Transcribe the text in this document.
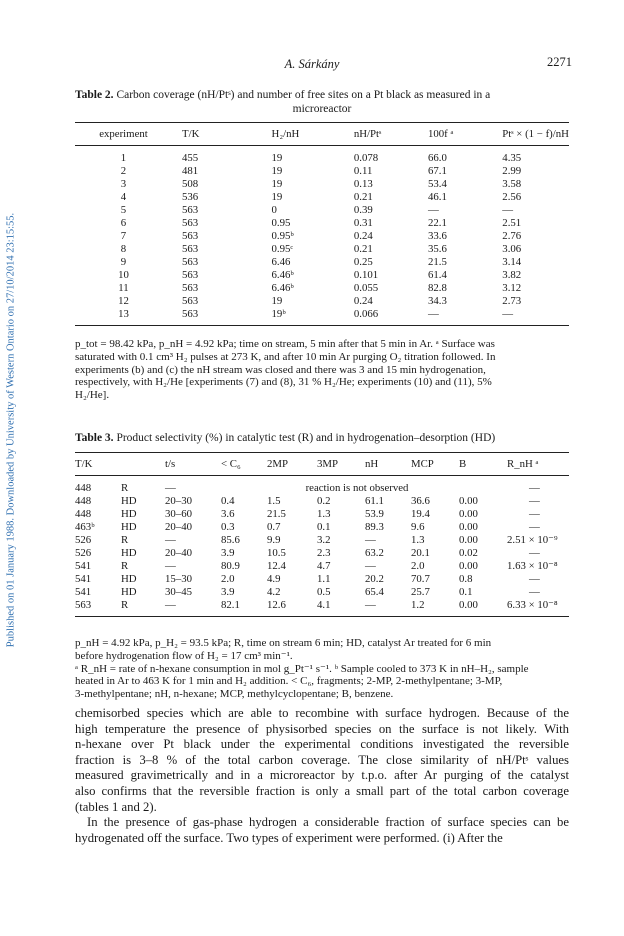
Published on 01 January 1988. Downloaded by University of Western Ontario on 27/10/2014 23:15:55.
A. Sárkány	2271
Table 2. Carbon coverage (nH/Ptˢ) and number of free sites on a Pt black as measured in a
microreactor
experiment	T/K	H₂/nH	nH/Ptˢ	100f ᵃ	Ptˢ × (1 − f)/nH
1	455	19	0.078	66.0	4.35
2	481	19	0.11	67.1	2.99
3	508	19	0.13	53.4	3.58
4	536	19	0.21	46.1	2.56
5	563	0	0.39	—	—
6	563	0.95	0.31	22.1	2.51
7	563	0.95ᵇ	0.24	33.6	2.76
8	563	0.95ᶜ	0.21	35.6	3.06
9	563	6.46	0.25	21.5	3.14
10	563	6.46ᵇ	0.101	61.4	3.82
11	563	6.46ᵇ	0.055	82.8	3.12
12	563	19	0.24	34.3	2.73
13	563	19ᵇ	0.066	—	—
p_tot = 98.42 kPa, p_nH = 4.92 kPa; time on stream, 5 min after that 5 min in Ar. ᵃ Surface was
saturated with 0.1 cm³ H₂ pulses at 273 K, and after 10 min Ar purging O₂ titration followed. In
experiments (b) and (c) the nH stream was closed and there was 3 and 15 min hydrogenation,
respectively, with H₂/He [experiments (7) and (8), 31 % H₂/He; experiments (10) and (11), 5%
H₂/He].
Table 3. Product selectivity (%) in catalytic test (R) and in hydrogenation–desorption (HD)
T/K		t/s	< C₆	2MP	3MP	nH	MCP	B	R_nH ᵃ
448	R	—	reaction is not observed						—
448	HD	20–30	0.4	1.5	0.2	61.1	36.6	0.00	—
448	HD	30–60	3.6	21.5	1.3	53.9	19.4	0.00	—
463ᵇ	HD	20–40	0.3	0.7	0.1	89.3	9.6	0.00	—
526	R	—	85.6	9.9	3.2	—	1.3	0.00	2.51 × 10⁻⁹
526	HD	20–40	3.9	10.5	2.3	63.2	20.1	0.02	—
541	R	—	80.9	12.4	4.7	—	2.0	0.00	1.63 × 10⁻⁸
541	HD	15–30	2.0	4.9	1.1	20.2	70.7	0.8	—
541	HD	30–45	3.9	4.2	0.5	65.4	25.7	0.1	—
563	R	—	82.1	12.6	4.1	—	1.2	0.00	6.33 × 10⁻⁸
p_nH = 4.92 kPa, p_H₂ = 93.5 kPa; R, time on stream 6 min; HD, catalyst Ar treated for 6 min
before hydrogenation flow of H₂ = 17 cm³ min⁻¹.
ᵃ R_nH = rate of n-hexane consumption in mol g_Pt⁻¹ s⁻¹. ᵇ Sample cooled to 373 K in nH–H₂, sample
heated in Ar to 463 K for 1 min and H₂ addition. < C₆, fragments; 2-MP, 2-methylpentane; 3-MP,
3-methylpentane; nH, n-hexane; MCP, methylcyclopentane; B, benzene.
chemisorbed species which are able to recombine with surface hydrogen. Because of the
high temperature the presence of physisorbed species on the surface is not likely. With
n-hexane over Pt black under the experimental conditions investigated the reversible
fraction is 3–8 % of the total carbon coverage. The close similarity of nH/Ptˢ values
measured gravimetrically and in a microreactor by t.p.o. after Ar purging of the catalyst
also confirms that the reversible fraction is only a small part of the total carbon coverage
(tables 1 and 2).
In the presence of gas-phase hydrogen a considerable fraction of surface species can be
hydrogenated off the surface. Two types of experiment were performed. (i) After the
